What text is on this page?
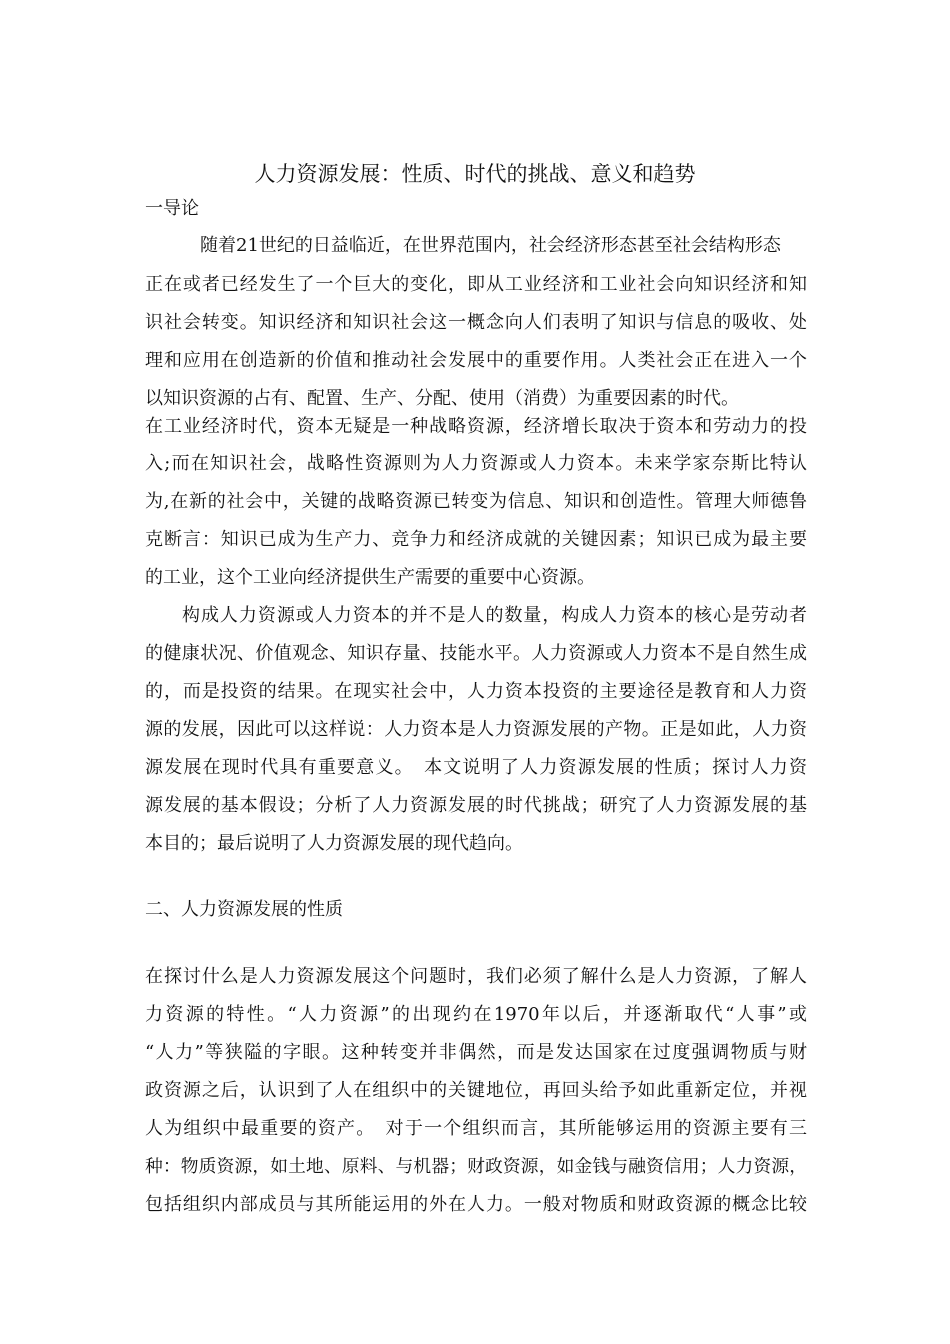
人力资源发展：性质、时代的挑战、意义和趋势
一导论
随着21世纪的日益临近，在世界范围内，社会经济形态甚至社会结构形态
正在或者已经发生了一个巨大的变化，即从工业经济和工业社会向知识经济和知
识社会转变。知识经济和知识社会这一概念向人们表明了知识与信息的吸收、处
理和应用在创造新的价值和推动社会发展中的重要作用。人类社会正在进入一个
以知识资源的占有、配置、生产、分配、使用（消费）为重要因素的时代。
在工业经济时代，资本无疑是一种战略资源，经济增长取决于资本和劳动力的投
入;而在知识社会，战略性资源则为人力资源或人力资本。未来学家奈斯比特认
为,在新的社会中，关键的战略资源已转变为信息、知识和创造性。管理大师德鲁
克断言：知识已成为生产力、竞争力和经济成就的关键因素；知识已成为最主要
的工业，这个工业向经济提供生产需要的重要中心资源。
构成人力资源或人力资本的并不是人的数量，构成人力资本的核心是劳动者
的健康状况、价值观念、知识存量、技能水平。人力资源或人力资本不是自然生成
的，而是投资的结果。在现实社会中，人力资本投资的主要途径是教育和人力资
源的发展，因此可以这样说：人力资本是人力资源发展的产物。正是如此，人力资
源发展在现时代具有重要意义。　本文说明了人力资源发展的性质；探讨人力资
源发展的基本假设；分析了人力资源发展的时代挑战；研究了人力资源发展的基
本目的；最后说明了人力资源发展的现代趋向。
二、人力资源发展的性质
在探讨什么是人力资源发展这个问题时，我们必须了解什么是人力资源，了解人
力资源的特性。“人力资源”的出现约在1970年以后，并逐渐取代“人事”或
“人力”等狭隘的字眼。这种转变并非偶然，而是发达国家在过度强调物质与财
政资源之后，认识到了人在组织中的关键地位，再回头给予如此重新定位，并视
人为组织中最重要的资产。　对于一个组织而言，其所能够运用的资源主要有三
种：物质资源，如土地、原料、与机器；财政资源，如金钱与融资信用；人力资源，
包括组织内部成员与其所能运用的外在人力。一般对物质和财政资源的概念比较
